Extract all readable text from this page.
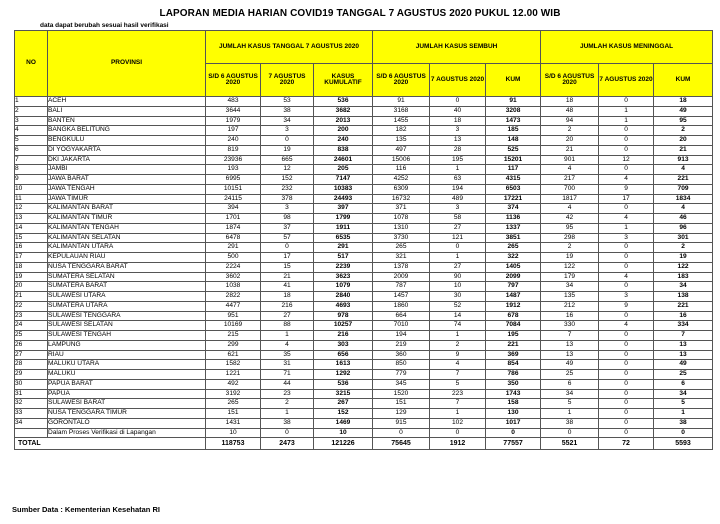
LAPORAN MEDIA HARIAN COVID19 TANGGAL 7 AGUSTUS 2020 PUKUL 12.00 WIB
data dapat berubah sesuai hasil verifikasi
NO	PROVINSI	JUMLAH KASUS TANGGAL 7 AGUSTUS 2020			JUMLAH KASUS SEMBUH			JUMLAH KASUS MENINGGAL		
		S/D 6 AGUSTUS 2020	7 AGUSTUS 2020	KASUS KUMULATIF	S/D 6 AGUSTUS 2020	7 AGUSTUS 2020	KUM	S/D 6 AGUSTUS 2020	7 AGUSTUS 2020	KUM
1	ACEH	483	53	536	91	0	91	18	0	18
2	BALI	3644	38	3682	3168	40	3208	48	1	49
3	BANTEN	1979	34	2013	1455	18	1473	94	1	95
4	BANGKA BELITUNG	197	3	200	182	3	185	2	0	2
5	BENGKULU	240	0	240	135	13	148	20	0	20
6	DI YOGYAKARTA	819	19	838	497	28	525	21	0	21
7	DKI JAKARTA	23936	665	24601	15006	195	15201	901	12	913
8	JAMBI	193	12	205	116	1	117	4	0	4
9	JAWA BARAT	6995	152	7147	4252	63	4315	217	4	221
10	JAWA TENGAH	10151	232	10383	6309	194	6503	700	9	709
11	JAWA TIMUR	24115	378	24493	16732	489	17221	1817	17	1834
12	KALIMANTAN BARAT	394	3	397	371	3	374	4	0	4
13	KALIMANTAN TIMUR	1701	98	1799	1078	58	1136	42	4	46
14	KALIMANTAN TENGAH	1874	37	1911	1310	27	1337	95	1	96
15	KALIMANTAN SELATAN	6478	57	6535	3730	121	3851	298	3	301
16	KALIMANTAN UTARA	291	0	291	265	0	265	2	0	2
17	KEPULAUAN RIAU	500	17	517	321	1	322	19	0	19
18	NUSA TENGGARA BARAT	2224	15	2239	1378	27	1405	122	0	122
19	SUMATERA SELATAN	3602	21	3623	2009	90	2099	179	4	183
20	SUMATERA BARAT	1038	41	1079	787	10	797	34	0	34
21	SULAWESI UTARA	2822	18	2840	1457	30	1487	135	3	138
22	SUMATERA UTARA	4477	216	4693	1860	52	1912	212	9	221
23	SULAWESI TENGGARA	951	27	978	664	14	678	16	0	16
24	SULAWESI SELATAN	10169	88	10257	7010	74	7084	330	4	334
25	SULAWESI TENGAH	215	1	216	194	1	195	7	0	7
26	LAMPUNG	299	4	303	219	2	221	13	0	13
27	RIAU	621	35	656	360	9	369	13	0	13
28	MALUKU UTARA	1582	31	1613	850	4	854	49	0	49
29	MALUKU	1221	71	1292	779	7	786	25	0	25
30	PAPUA BARAT	492	44	536	345	5	350	6	0	6
31	PAPUA	3192	23	3215	1520	223	1743	34	0	34
32	SULAWESI BARAT	265	2	267	151	7	158	5	0	5
33	NUSA TENGGARA TIMUR	151	1	152	129	1	130	1	0	1
34	GORONTALO	1431	38	1469	915	102	1017	38	0	38
	Dalam Proses Verifikasi di Lapangan	10	0	10	0	0	0	0	0	0
TOTAL		118753	2473	121226	75645	1912	77557	5521	72	5593
Sumber Data : Kementerian Kesehatan RI
